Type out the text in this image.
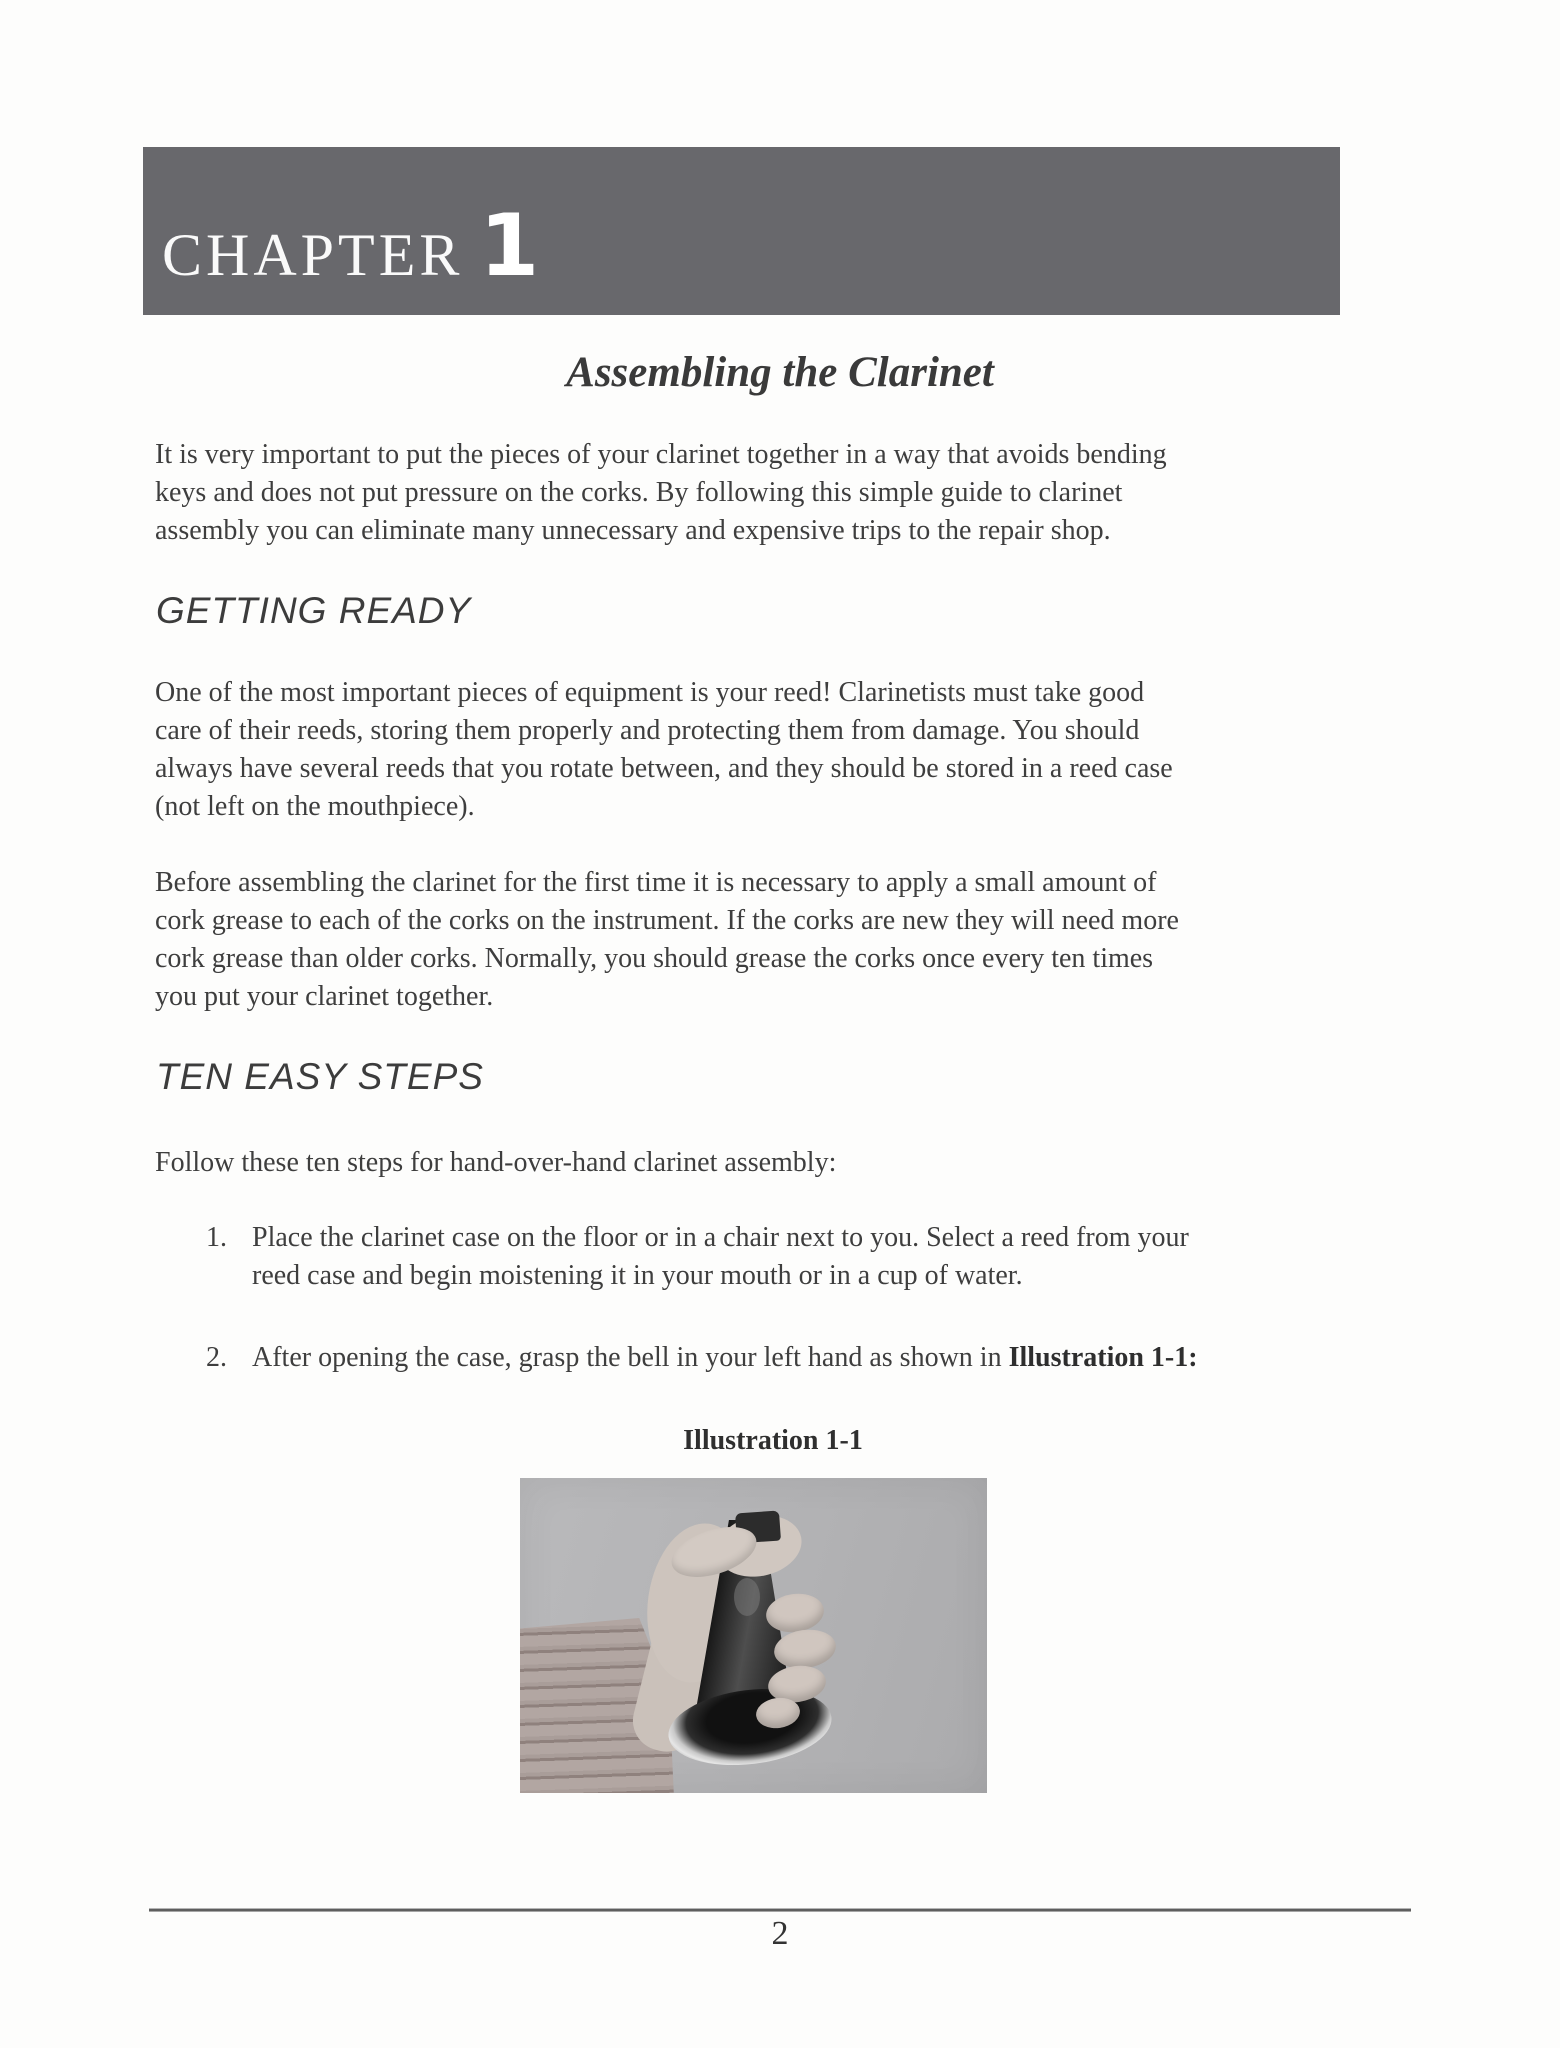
CHAPTER 1
Assembling the Clarinet
It is very important to put the pieces of your clarinet together in a way that avoids bending
keys and does not put pressure on the corks. By following this simple guide to clarinet
assembly you can eliminate many unnecessary and expensive trips to the repair shop.
GETTING READY
One of the most important pieces of equipment is your reed! Clarinetists must take good
care of their reeds, storing them properly and protecting them from damage. You should
always have several reeds that you rotate between, and they should be stored in a reed case
(not left on the mouthpiece).
Before assembling the clarinet for the first time it is necessary to apply a small amount of
cork grease to each of the corks on the instrument. If the corks are new they will need more
cork grease than older corks. Normally, you should grease the corks once every ten times
you put your clarinet together.
TEN EASY STEPS
Follow these ten steps for hand-over-hand clarinet assembly:
1. Place the clarinet case on the floor or in a chair next to you. Select a reed from your
reed case and begin moistening it in your mouth or in a cup of water.
2. After opening the case, grasp the bell in your left hand as shown in Illustration 1-1:
Illustration 1-1
2
